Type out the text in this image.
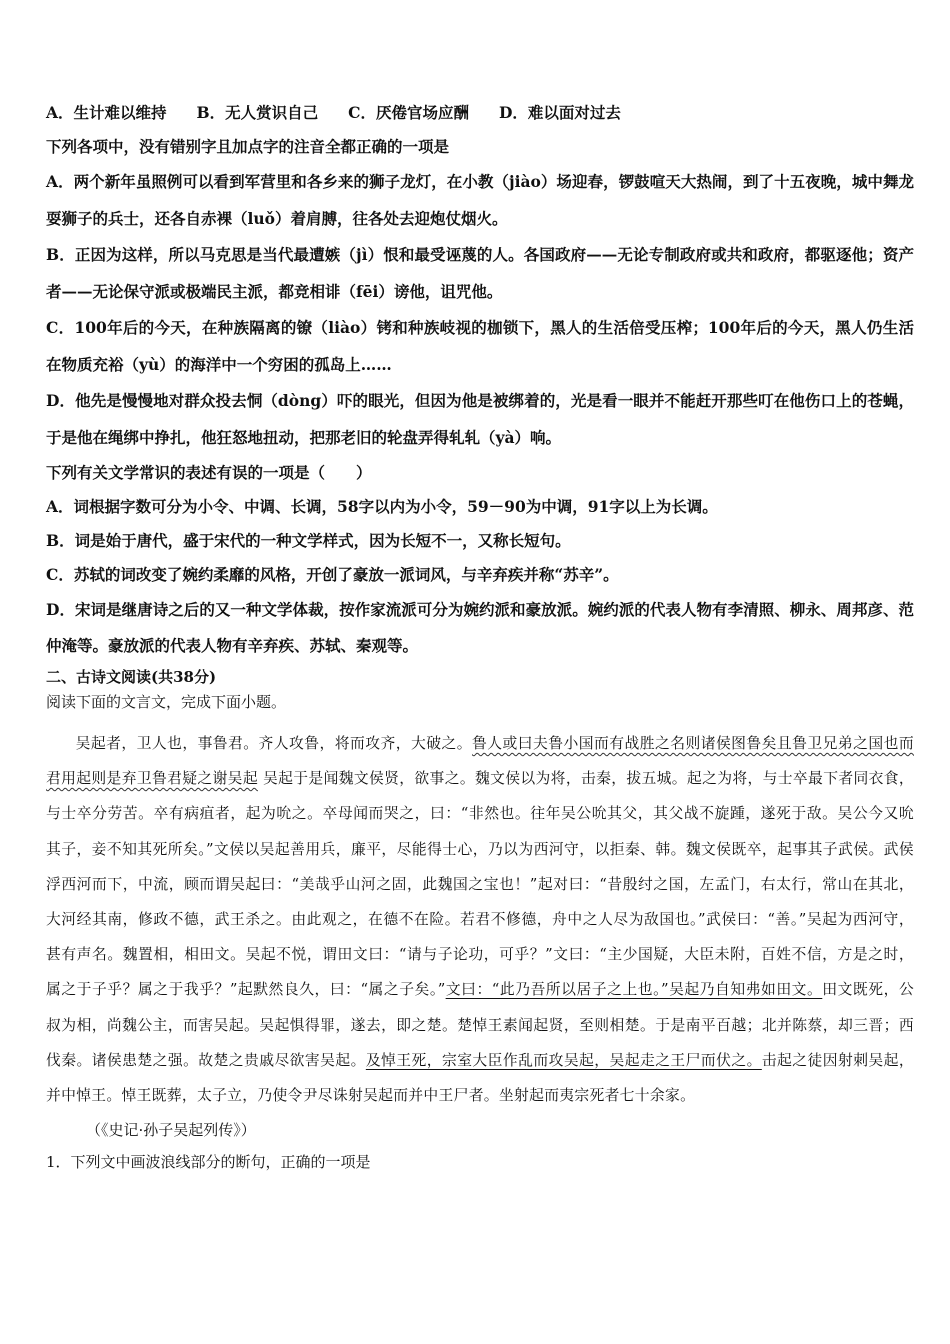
A．生计难以维持 B．无人赏识自己 C．厌倦官场应酬 D．难以面对过去

下列各项中，没有错别字且加点字的注音全都正确的一项是

A．两个新年虽照例可以看到军营里和各乡来的狮子龙灯，在小教（jiào）场迎春，锣鼓喧天大热闹，到了十五夜晚，城中舞龙耍狮子的兵士，还各自赤裸（luǒ）着肩膊，往各处去迎炮仗烟火。

B．正因为这样，所以马克思是当代最遭嫉（jì）恨和最受诬蔑的人。各国政府——无论专制政府或共和政府，都驱逐他；资产者——无论保守派或极端民主派，都竞相诽（fēi）谤他，诅咒他。

C．100年后的今天，在种族隔离的镣（liào）铐和种族岐视的枷锁下，黑人的生活倍受压榨；100年后的今天，黑人仍生活在物质充裕（yù）的海洋中一个穷困的孤岛上……

D．他先是慢慢地对群众投去恫（dòng）吓的眼光，但因为他是被绑着的，光是看一眼并不能赶开那些叮在他伤口上的苍蝇，于是他在绳绑中挣扎，他狂怒地扭动，把那老旧的轮盘弄得轧轧（yà）响。

下列有关文学常识的表述有误的一项是（　　）

A．词根据字数可分为小令、中调、长调，58字以内为小令，59－90为中调，91字以上为长调。

B．词是始于唐代，盛于宋代的一种文学样式，因为长短不一，又称长短句。

C．苏轼的词改变了婉约柔靡的风格，开创了豪放一派词风，与辛弃疾并称“苏辛”。

D．宋词是继唐诗之后的又一种文学体裁，按作家流派可分为婉约派和豪放派。婉约派的代表人物有李清照、柳永、周邦彦、范仲淹等。豪放派的代表人物有辛弃疾、苏轼、秦观等。

二、古诗文阅读(共38分)

阅读下面的文言文，完成下面小题。

吴起者，卫人也，事鲁君。齐人攻鲁，将而攻齐，大破之。鲁人或曰夫鲁小国而有战胜之名则诸侯图鲁矣且鲁卫兄弟之国也而君用起则是弃卫鲁君疑之谢吴起 吴起于是闻魏文侯贤，欲事之。魏文侯以为将，击秦，拔五城。起之为将，与士卒最下者同衣食，与士卒分劳苦。卒有病疽者，起为吮之。卒母闻而哭之，曰：“非然也。往年吴公吮其父，其父战不旋踵，遂死于敌。吴公今又吮其子，妾不知其死所矣。”文侯以吴起善用兵，廉平，尽能得士心，乃以为西河守，以拒秦、韩。魏文侯既卒，起事其子武侯。武侯浮西河而下，中流，顾而谓吴起曰：“美哉乎山河之固，此魏国之宝也！”起对曰：“昔殷纣之国，左孟门，右太行，常山在其北，大河经其南，修政不德，武王杀之。由此观之，在德不在险。若君不修德，舟中之人尽为敌国也。”武侯曰：“善。”吴起为西河守，甚有声名。魏置相，相田文。吴起不悦，谓田文曰：“请与子论功，可乎？”文曰：“主少国疑，大臣未附，百姓不信，方是之时，属之于子乎？属之于我乎？”起默然良久，曰：“属之子矣。”文曰：“此乃吾所以居子之上也。”吴起乃自知弗如田文。田文既死，公叔为相，尚魏公主，而害吴起。吴起惧得罪，遂去，即之楚。楚悼王素闻起贤，至则相楚。于是南平百越；北并陈蔡，却三晋；西伐秦。诸侯患楚之强。故楚之贵戚尽欲害吴起。及悼王死，宗室大臣作乱而攻吴起，吴起走之王尸而伏之。击起之徒因射刺吴起，并中悼王。悼王既葬，太子立，乃使令尹尽诛射吴起而并中王尸者。坐射起而夷宗死者七十余家。

（《史记·孙子吴起列传》）

1．下列文中画波浪线部分的断句，正确的一项是
